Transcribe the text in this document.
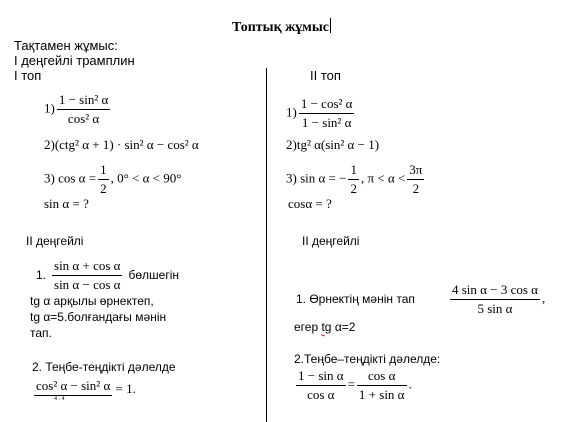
Топтық жұмыс
Тақтамен жұмыс:
I деңгейлі трамплин
I топ
$1) \frac{\text{1 − sin² α}}{\text{cos² α}}$
2)(ctg² α + 1) · sin² α − cos² α
3) $\cos \alpha = \frac{1}{2}$ , 0° < α < 90°
sin α = ?
II деңгейлі
1. $\frac{\text{sin α + cos α}}{\text{sin α − cos α}}$ бөлшегін
tg α арқылы өрнектеп,
tg α=5.болғандағы мәнін
тап.
2. Теңбе-теңдікті дәлелде
cos² α − sin² α
4 . 4
= 1.
II топ
$1) \frac{\text{1 − cos² α}}{\text{1 − sin² α}}$
2)tg² α(sin² α − 1)
3) sin α = − $\frac{1}{2}$ , $\pi < \alpha < \frac{3\pi}{2}$
cosα = ?
II деңгейлі
1. Өрнектің мәнін тап	$\frac{\text{4 sin α − 3 cos α}}{\text{5 sin α}}$ ,
егер tg α=2
2.Теңбе–теңдікті дәлелде:
$\frac{\text{1 − sin α}}{\text{cos α}} = \frac{\text{cos α}}{\text{1 + sin α}}$ .
